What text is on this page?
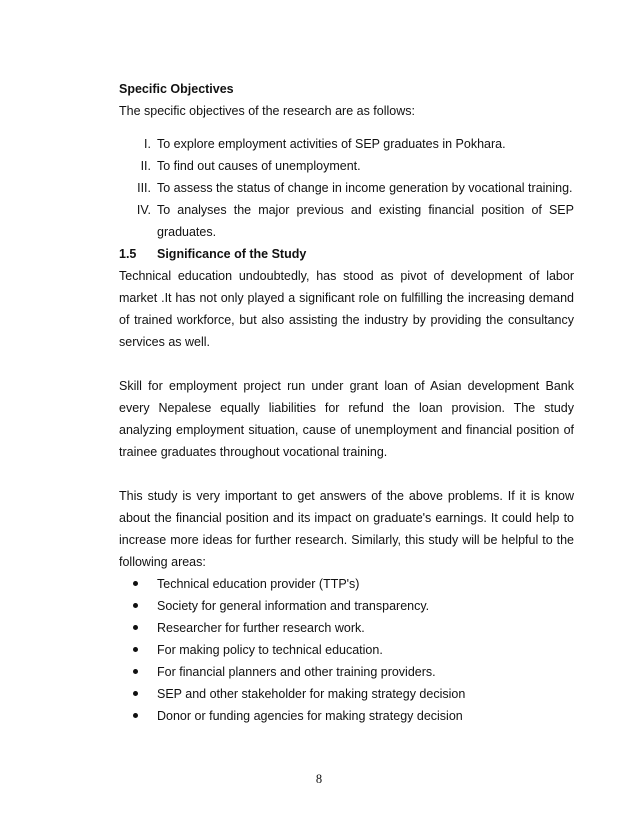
Specific Objectives
The specific objectives of the research are as follows:
I. To explore employment activities of SEP graduates in Pokhara.
II. To find out causes of unemployment.
III. To assess the status of change in income generation by vocational training.
IV. To analyses the major previous and existing financial position of SEP graduates.
1.5	Significance of the Study
Technical education undoubtedly, has stood as pivot of development of labor market .It has not only played a significant role on fulfilling the increasing demand of trained workforce, but also assisting the industry by providing the consultancy services as well.
Skill for employment project run under grant loan of Asian development Bank every Nepalese equally liabilities for refund the loan provision. The study analyzing employment situation, cause of unemployment and financial position of trainee graduates throughout vocational training.
This study is very important to get answers of the above problems. If it is know about the financial position and its impact on graduate's earnings. It could help to increase more ideas for further research. Similarly, this study will be helpful to the following areas:
Technical education provider (TTP's)
Society for general information and transparency.
Researcher for further research work.
For making policy to technical education.
For financial planners and other training providers.
SEP and other stakeholder for making strategy decision
Donor or funding agencies for making strategy decision
8
